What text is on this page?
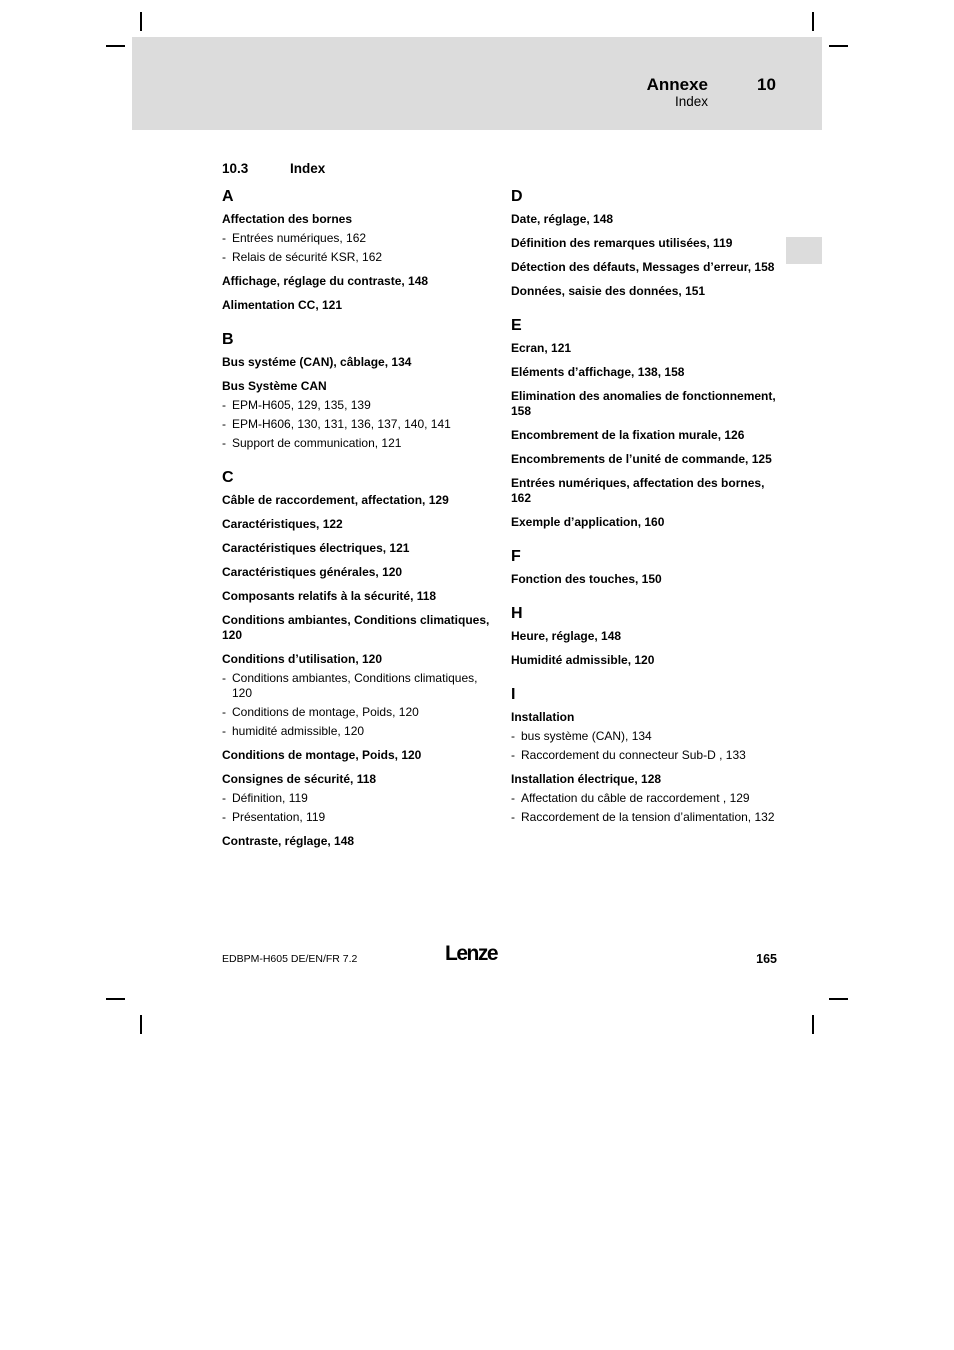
Annexe	10
Index
10.3	Index
A
Affectation des bornes
- Entrées numériques, 162
- Relais de sécurité KSR, 162
Affichage, réglage du contraste, 148
Alimentation CC, 121
B
Bus systéme (CAN), câblage, 134
Bus Système CAN
- EPM-H605, 129, 135, 139
- EPM-H606, 130, 131, 136, 137, 140, 141
- Support de communication, 121
C
Câble de raccordement, affectation, 129
Caractéristiques, 122
Caractéristiques électriques, 121
Caractéristiques générales, 120
Composants relatifs à la sécurité, 118
Conditions ambiantes, Conditions climatiques, 120
Conditions d’utilisation, 120
- Conditions ambiantes, Conditions climatiques, 120
- Conditions de montage, Poids, 120
- humidité admissible, 120
Conditions de montage, Poids, 120
Consignes de sécurité, 118
- Définition, 119
- Présentation, 119
Contraste, réglage, 148
D
Date, réglage, 148
Définition des remarques utilisées, 119
Détection des défauts, Messages d’erreur, 158
Données, saisie des données, 151
E
Ecran, 121
Eléments d’affichage, 138, 158
Elimination des anomalies de fonctionnement, 158
Encombrement de la fixation murale, 126
Encombrements de l’unité de commande, 125
Entrées numériques, affectation des bornes, 162
Exemple d’application, 160
F
Fonction des touches, 150
H
Heure, réglage, 148
Humidité admissible, 120
I
Installation
- bus système (CAN), 134
- Raccordement du connecteur Sub-D , 133
Installation électrique, 128
- Affectation du câble de raccordement , 129
- Raccordement de la tension d’alimentation, 132
EDBPM-H605 DE/EN/FR 7.2	Lenze	165
